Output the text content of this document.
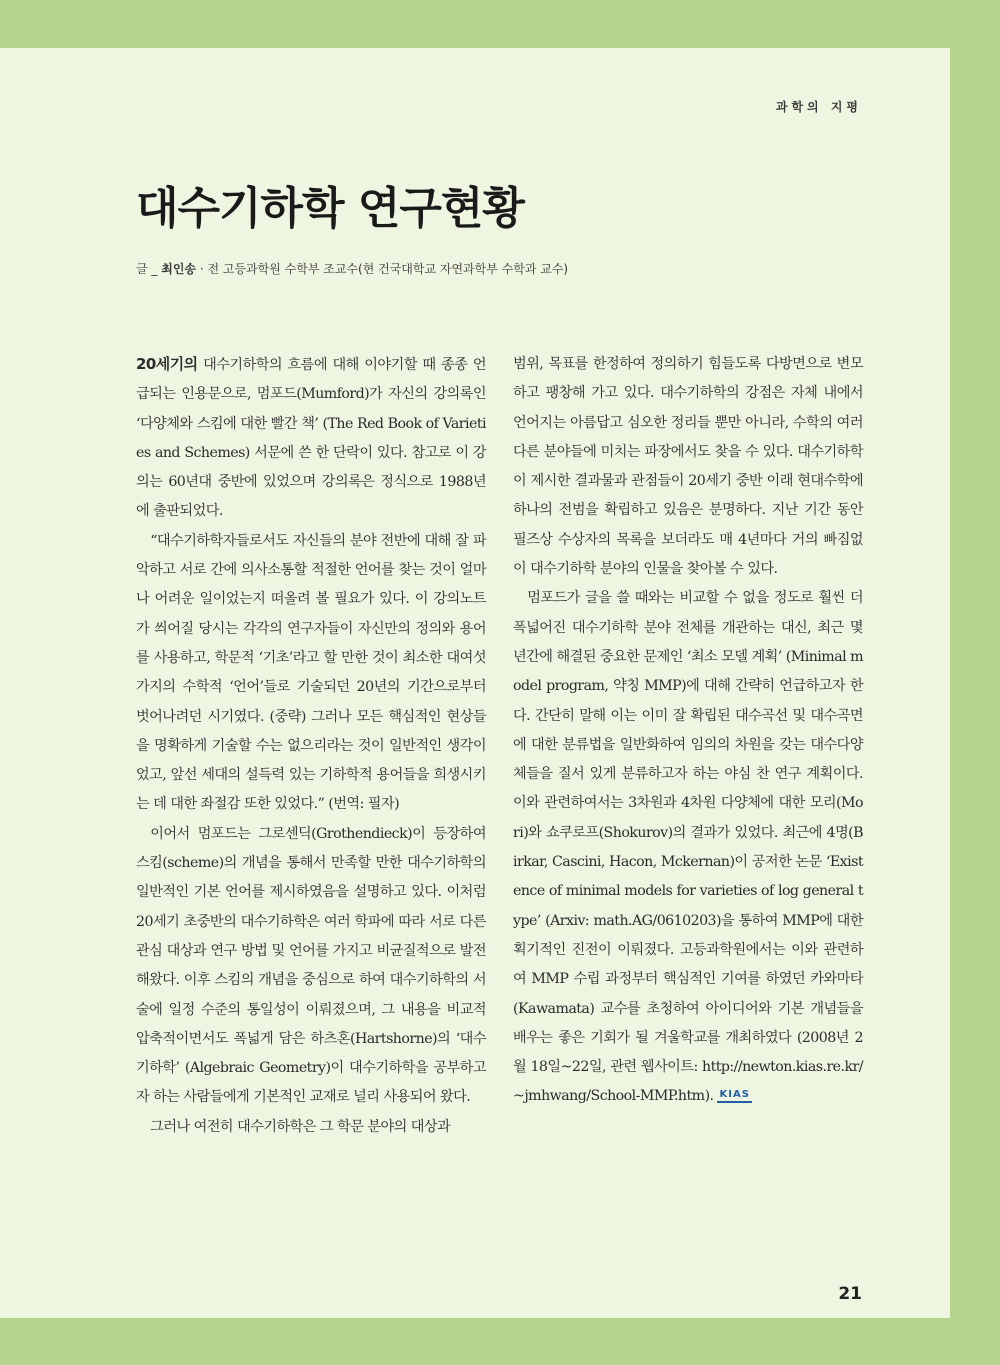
과학의 지평
대수기하학 연구현황
글 _ 최인송 · 전 고등과학원 수학부 조교수(현 건국대학교 자연과학부 수학과 교수)

20세기의 대수기하학의 흐름에 대해 이야기할 때 종종 언급되는 인용문으로, 멈포드(Mumford)가 자신의 강의록인 ‘다양체와 스킴에 대한 빨간 책’ (The Red Book of Varieties and Schemes) 서문에 쓴 한 단락이 있다. 참고로 이 강의는 60년대 중반에 있었으며 강의록은 정식으로 1988년에 출판되었다.

“대수기하학자들로서도 자신들의 분야 전반에 대해 잘 파악하고 서로 간에 의사소통할 적절한 언어를 찾는 것이 얼마나 어려운 일이었는지 떠올려 볼 필요가 있다. 이 강의노트가 씌어질 당시는 각각의 연구자들이 자신만의 정의와 용어를 사용하고, 학문적 ‘기초’라고 할 만한 것이 최소한 대여섯 가지의 수학적 ‘언어’들로 기술되던 20년의 기간으로부터 벗어나려던 시기였다. (중략) 그러나 모든 핵심적인 현상들을 명확하게 기술할 수는 없으리라는 것이 일반적인 생각이었고, 앞선 세대의 설득력 있는 기하학적 용어들을 희생시키는 데 대한 좌절감 또한 있었다.” (번역: 필자)

이어서 멈포드는 그로센딕(Grothendieck)이 등장하여 스킴(scheme)의 개념을 통해서 만족할 만한 대수기하학의 일반적인 기본 언어를 제시하였음을 설명하고 있다. 이처럼 20세기 초중반의 대수기하학은 여러 학파에 따라 서로 다른 관심 대상과 연구 방법 및 언어를 가지고 비균질적으로 발전해왔다. 이후 스킴의 개념을 중심으로 하여 대수기하학의 서술에 일정 수준의 통일성이 이뤄졌으며, 그 내용을 비교적 압축적이면서도 폭넓게 담은 하츠혼(Hartshorne)의 ‘대수기하학’ (Algebraic Geometry)이 대수기하학을 공부하고자 하는 사람들에게 기본적인 교재로 널리 사용되어 왔다.

그러나 여전히 대수기하학은 그 학문 분야의 대상과

범위, 목표를 한정하여 정의하기 힘들도록 다방면으로 변모하고 팽창해 가고 있다. 대수기하학의 강점은 자체 내에서 언어지는 아름답고 심오한 정리들 뿐만 아니라, 수학의 여러 다른 분야들에 미치는 파장에서도 찾을 수 있다. 대수기하학이 제시한 결과물과 관점들이 20세기 중반 이래 현대수학에 하나의 전범을 확립하고 있음은 분명하다. 지난 기간 동안 필즈상 수상자의 목록을 보더라도 매 4년마다 거의 빠짐없이 대수기하학 분야의 인물을 찾아볼 수 있다.

멈포드가 글을 쓸 때와는 비교할 수 없을 정도로 훨씬 더 폭넓어진 대수기하학 분야 전체를 개관하는 대신, 최근 몇 년간에 해결된 중요한 문제인 ‘최소 모델 계획’ (Minimal model program, 약칭 MMP)에 대해 간략히 언급하고자 한다. 간단히 말해 이는 이미 잘 확립된 대수곡선 및 대수곡면에 대한 분류법을 일반화하여 임의의 차원을 갖는 대수다양체들을 질서 있게 분류하고자 하는 야심 찬 연구 계획이다. 이와 관련하여서는 3차원과 4차원 다양체에 대한 모리(Mori)와 쇼쿠로프(Shokurov)의 결과가 있었다. 최근에 4명(Birkar, Cascini, Hacon, Mckernan)이 공저한 논문 ‘Existence of minimal models for varieties of log general type’ (Arxiv: math.AG/0610203)을 통하여 MMP에 대한 획기적인 진전이 이뤄졌다. 고등과학원에서는 이와 관련하여 MMP 수립 과정부터 핵심적인 기여를 하였던 카와마타(Kawamata) 교수를 초청하여 아이디어와 기본 개념들을 배우는 좋은 기회가 될 겨울학교를 개최하였다 (2008년 2월 18일~22일, 관련 웹사이트: http://newton.kias.re.kr/~jmhwang/School-MMP.htm). KIAS

21
